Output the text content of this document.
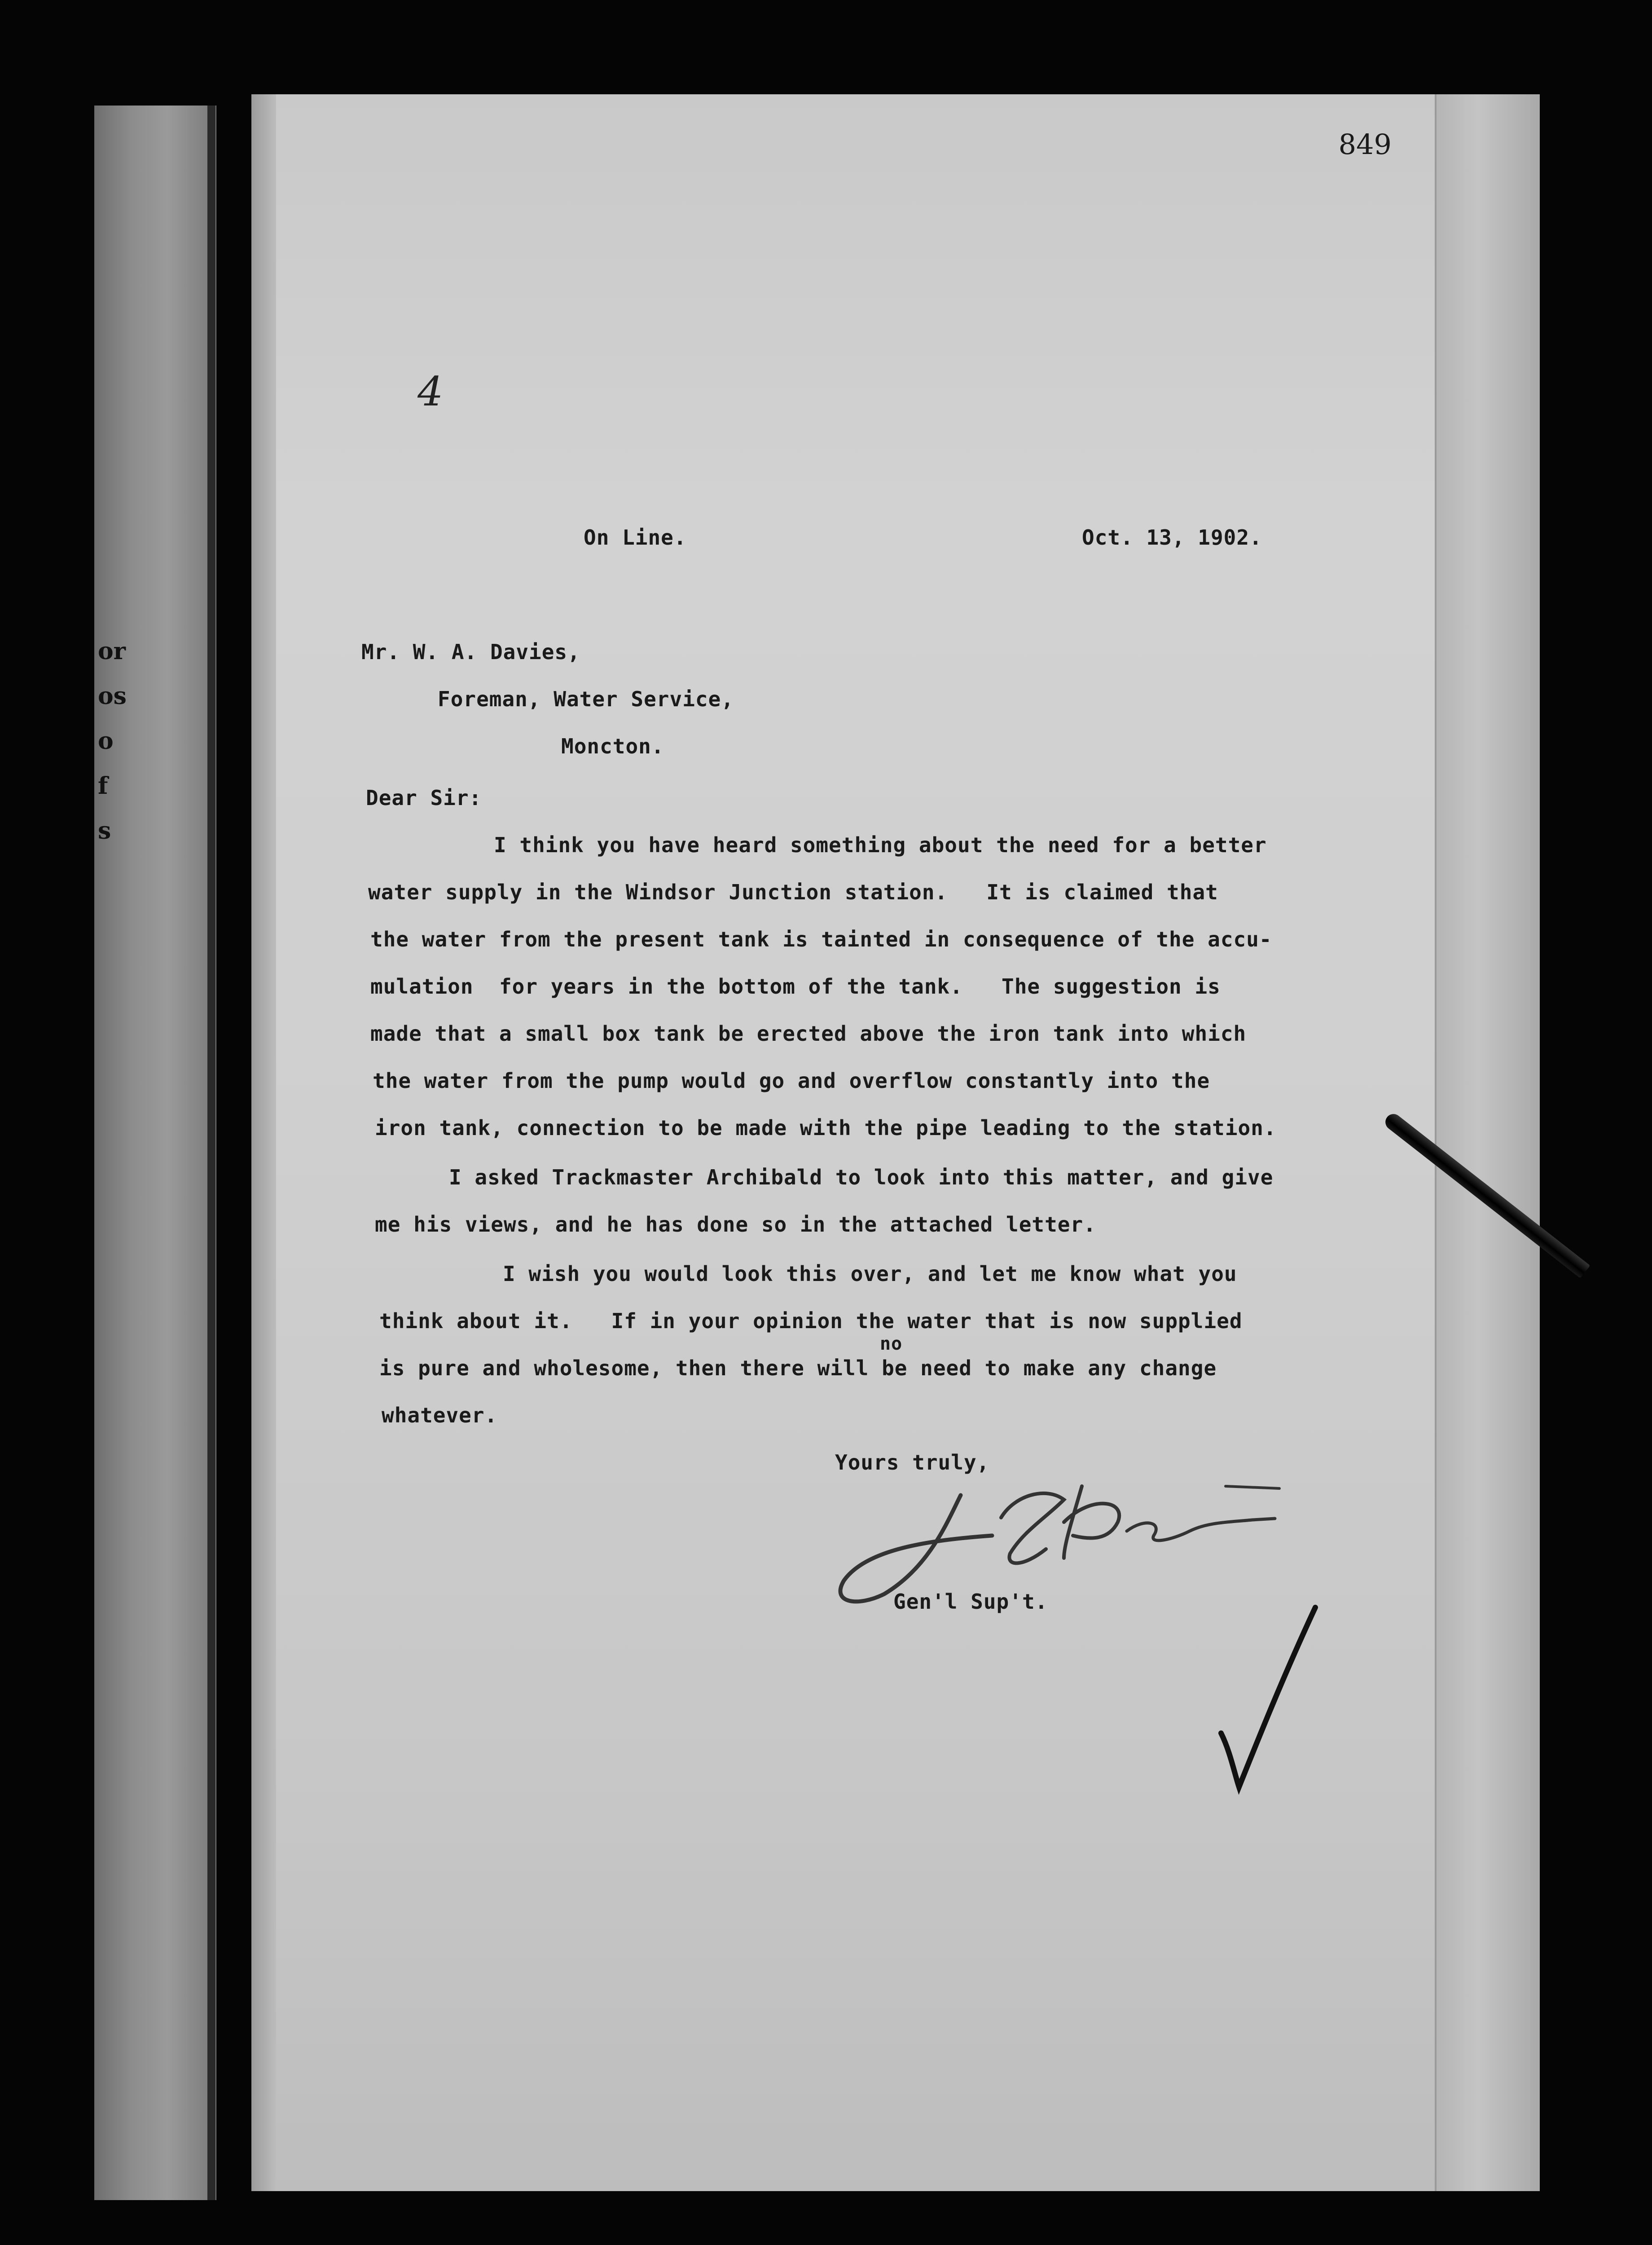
or
os
o
f
s
849
4
On Line.	Oct. 13, 1902.
Mr. W. A. Davies,
Foreman, Water Service,
Moncton.
Dear Sir:
I think you have heard something about the need for a better
water supply in the Windsor Junction station.   It is claimed that
the water from the present tank is tainted in consequence of the accu-
mulation  for years in the bottom of the tank.   The suggestion is
made that a small box tank be erected above the iron tank into which
the water from the pump would go and overflow constantly into the
iron tank, connection to be made with the pipe leading to the station.
I asked Trackmaster Archibald to look into this matter, and give
me his views, and he has done so in the attached letter.
I wish you would look this over, and let me know what you
think about it.   If in your opinion the water that is now supplied
no
is pure and wholesome, then there will be need to make any change
whatever.
Yours truly,
Gen'l Sup't.
